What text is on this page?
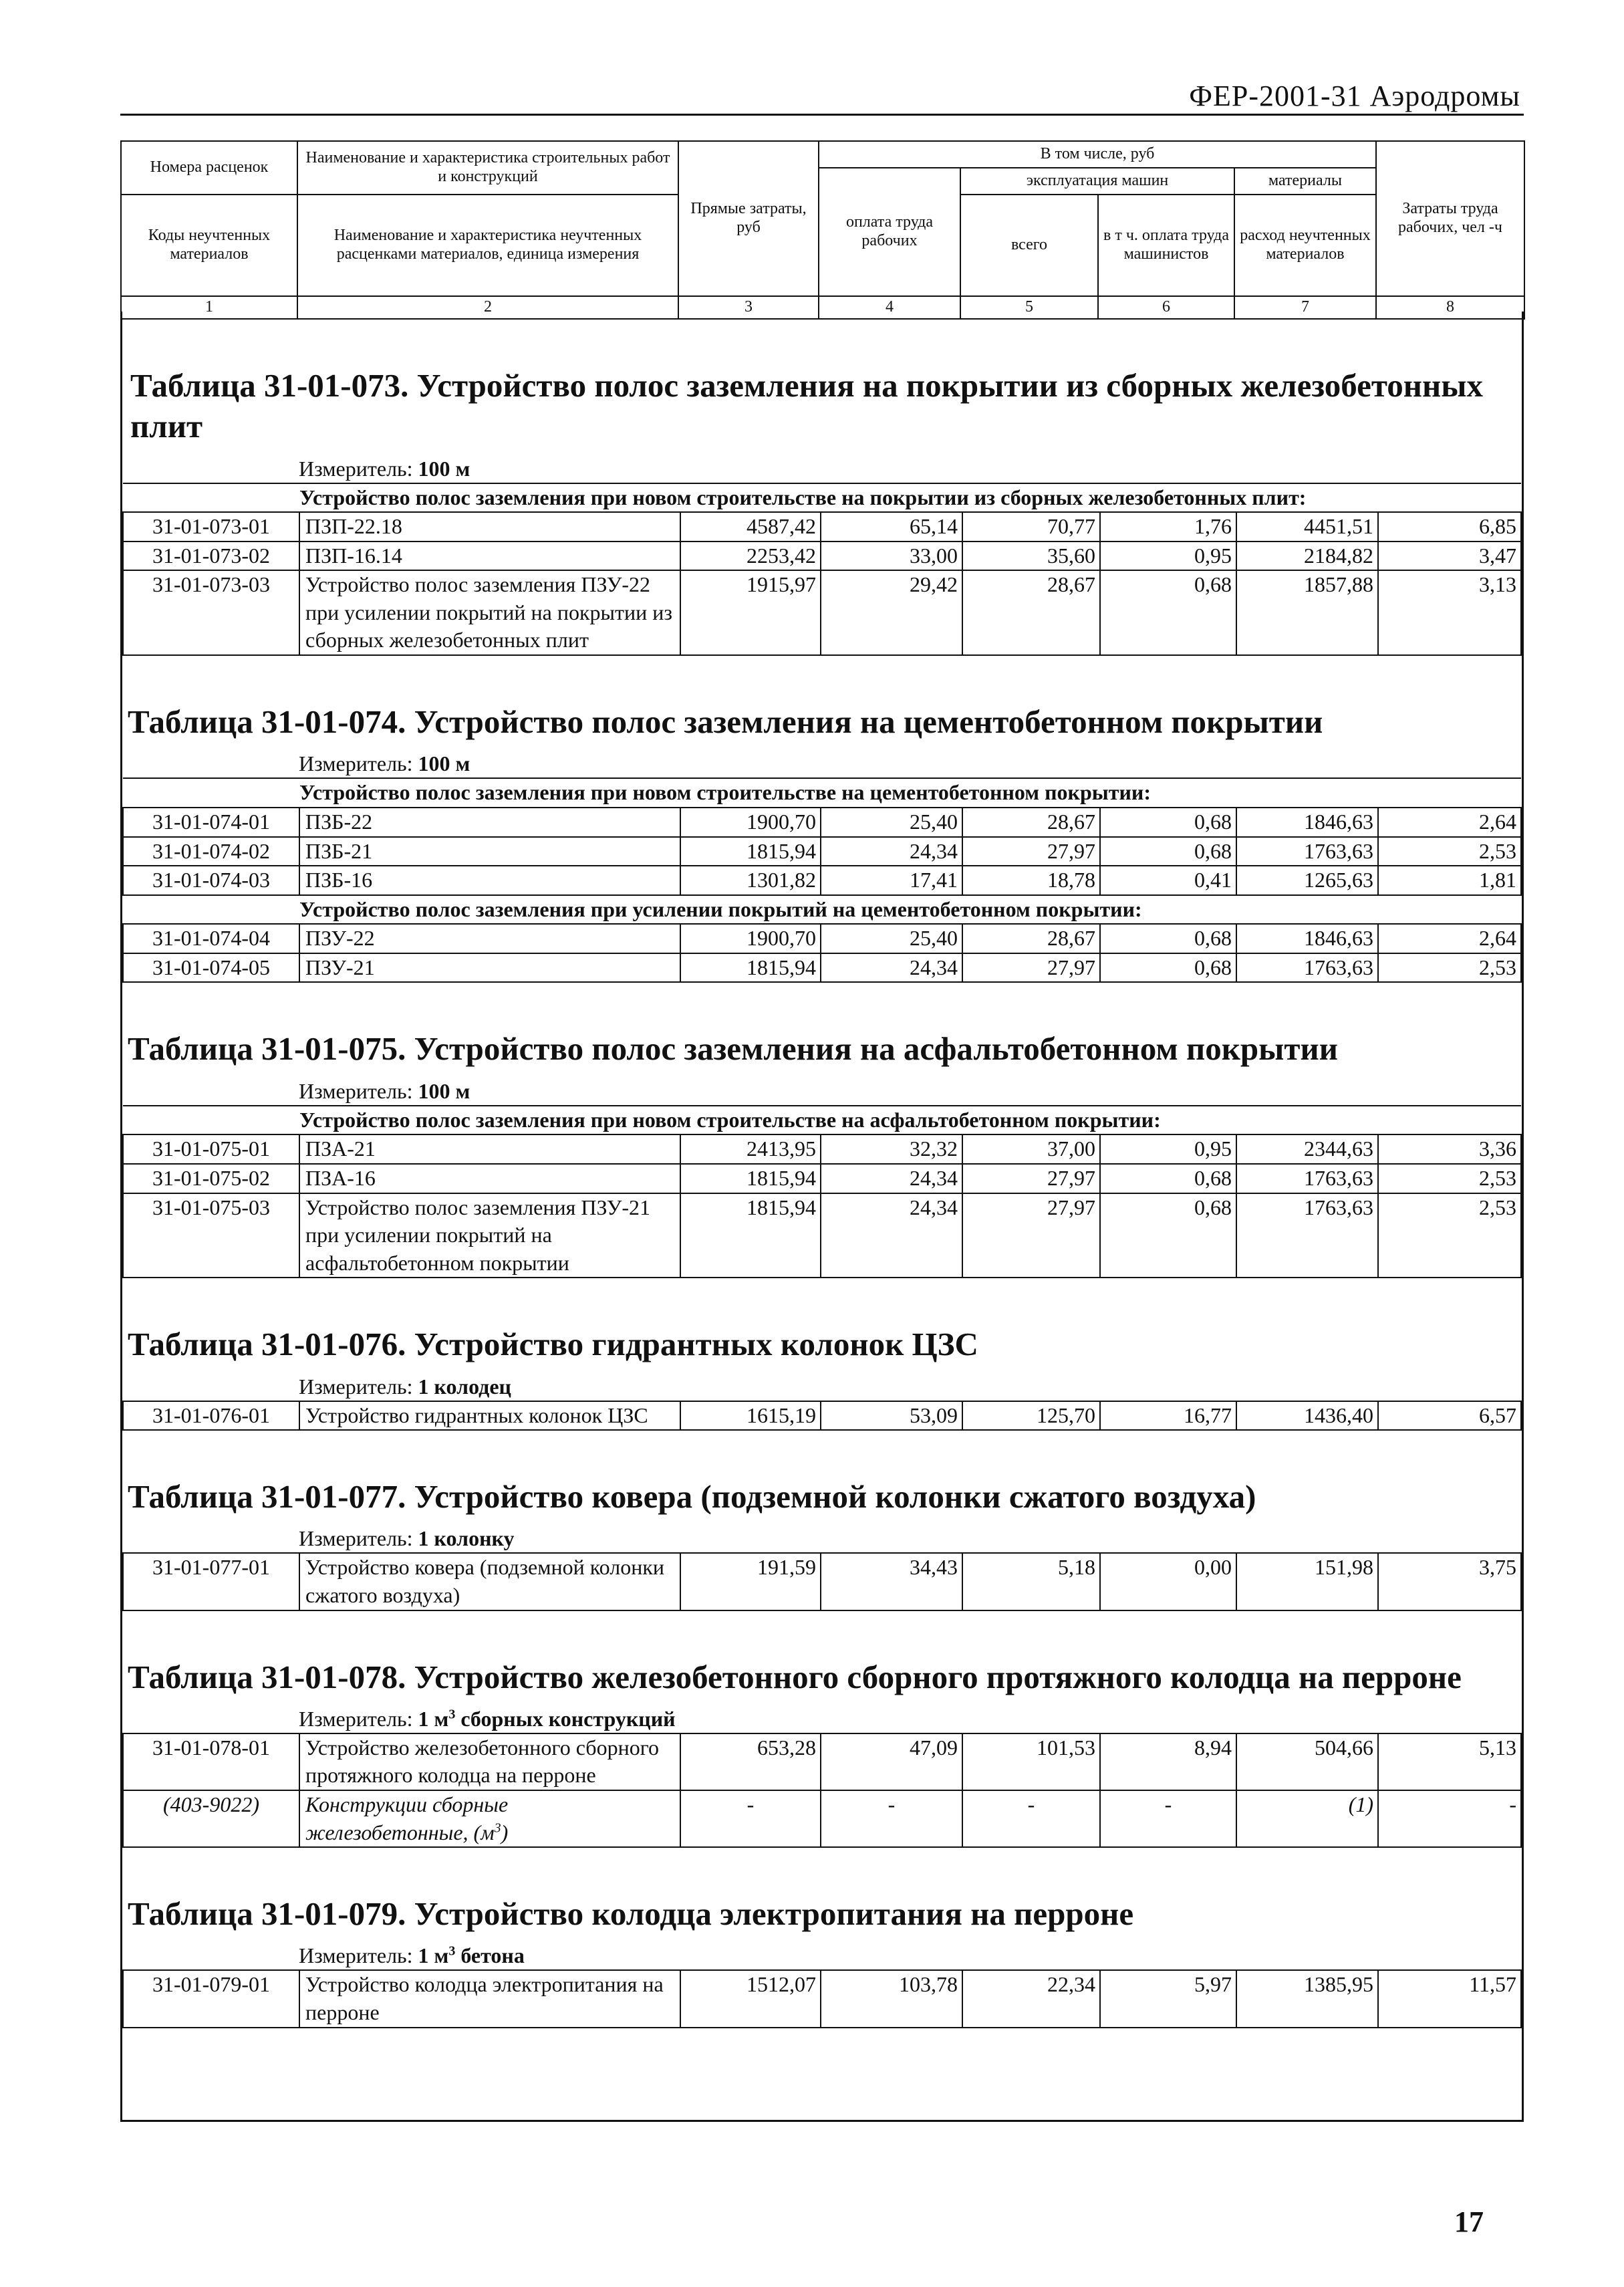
ФЕР-2001-31 Аэродромы
Номера расценок	Наименование и характеристика строительных работ и конструкций	Прямые затраты, руб	В том числе, руб				Затраты труда рабочих, чел -ч
			оплата труда рабочих	эксплуатация машин		материалы	
Коды неучтенных материалов	Наименование и характеристика неучтенных расценками материалов, единица измерения			всего	в т ч. оплата труда машинистов	расход неучтенных материалов	

1	2	3	4	5	6	7	8
Таблица 31-01-073. Устройство полос заземления на покрытии из сборных железобетонных плит
Измеритель: 100 м
Устройство полос заземления при новом строительстве на покрытии из сборных железобетонных плит:							
31-01-073-01	ПЗП-22.18	4587,42	65,14	70,77	1,76	4451,51	6,85
31-01-073-02	ПЗП-16.14	2253,42	33,00	35,60	0,95	2184,82	3,47
31-01-073-03	Устройство полос заземления ПЗУ-22 при усилении покрытий на покрытии из сборных железобетонных плит	1915,97	29,42	28,67	0,68	1857,88	3,13
Таблица 31-01-074. Устройство полос заземления на цементобетонном покрытии
Измеритель: 100 м
Устройство полос заземления при новом строительстве на цементобетонном покрытии:							
31-01-074-01	ПЗБ-22	1900,70	25,40	28,67	0,68	1846,63	2,64
31-01-074-02	ПЗБ-21	1815,94	24,34	27,97	0,68	1763,63	2,53
31-01-074-03	ПЗБ-16	1301,82	17,41	18,78	0,41	1265,63	1,81
Устройство полос заземления при усилении покрытий на цементобетонном покрытии:							
31-01-074-04	ПЗУ-22	1900,70	25,40	28,67	0,68	1846,63	2,64
31-01-074-05	ПЗУ-21	1815,94	24,34	27,97	0,68	1763,63	2,53
Таблица 31-01-075. Устройство полос заземления на асфальтобетонном покрытии
Измеритель: 100 м
Устройство полос заземления при новом строительстве на асфальтобетонном покрытии:							
31-01-075-01	ПЗА-21	2413,95	32,32	37,00	0,95	2344,63	3,36
31-01-075-02	ПЗА-16	1815,94	24,34	27,97	0,68	1763,63	2,53
31-01-075-03	Устройство полос заземления ПЗУ-21 при усилении покрытий на асфальтобетонном покрытии	1815,94	24,34	27,97	0,68	1763,63	2,53
Таблица 31-01-076. Устройство гидрантных колонок ЦЗС
Измеритель: 1 колодец
31-01-076-01	Устройство гидрантных колонок ЦЗС	1615,19	53,09	125,70	16,77	1436,40	6,57
Таблица 31-01-077. Устройство ковера (подземной колонки сжатого воздуха)
Измеритель: 1 колонку
31-01-077-01	Устройство ковера (подземной колонки сжатого воздуха)	191,59	34,43	5,18	0,00	151,98	3,75
Таблица 31-01-078. Устройство железобетонного сборного протяжного колодца на перроне
Измеритель: 1 $м^3$ сборных конструкций
31-01-078-01	Устройство железобетонного сборного протяжного колодца на перроне	653,28	47,09	101,53	8,94	504,66	5,13
(403-9022)	Конструкции сборные железобетонные, $(м^3)$	-	-	-	-	(1)	-
Таблица 31-01-079. Устройство колодца электропитания на перроне
Измеритель: 1 $м^3$ бетона
31-01-079-01	Устройство колодца электропитания на перроне	1512,07	103,78	22,34	5,97	1385,95	11,57
17
